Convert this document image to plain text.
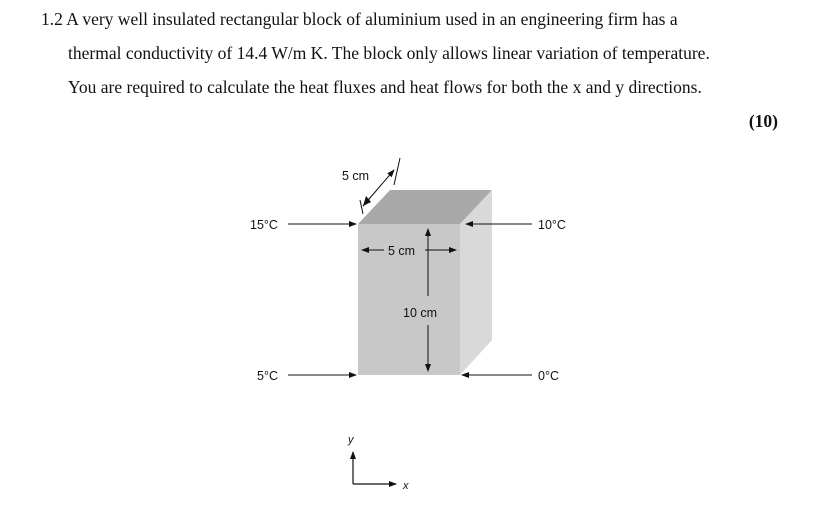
1.2 A very well insulated rectangular block of aluminium used in an engineering firm has a
thermal conductivity of 14.4 W/m K. The block only allows linear variation of temperature.
You are required to calculate the heat fluxes and heat flows for both the x and y directions.
(10)
5 cm
5 cm
10 cm
15°C
5°C
10°C
0°C
y
x
